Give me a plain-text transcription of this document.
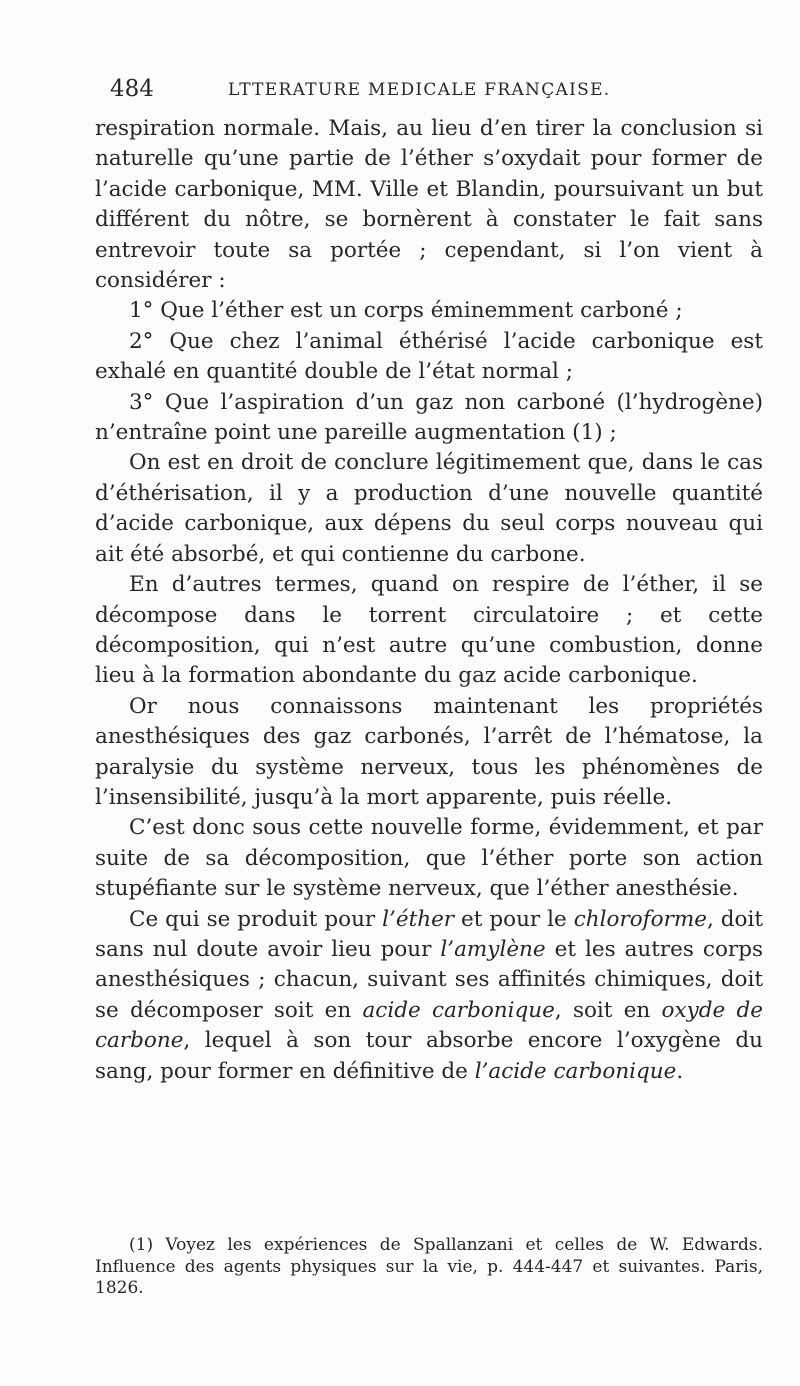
484	LTTERATURE MEDICALE FRANÇAISE.

respiration normale. Mais, au lieu d’en tirer la conclusion si naturelle qu’une partie de l’éther s’oxydait pour former de l’acide carbonique, MM. Ville et Blandin, poursuivant un but différent du nôtre, se bornèrent à constater le fait sans entrevoir toute sa portée ; cependant, si l’on vient à considérer :

1° Que l’éther est un corps éminemment carboné ;

2° Que chez l’animal éthérisé l’acide carbonique est exhalé en quantité double de l’état normal ;

3° Que l’aspiration d’un gaz non carboné (l’hydrogène) n’entraîne point une pareille augmentation (1) ;

On est en droit de conclure légitimement que, dans le cas d’éthérisation, il y a production d’une nouvelle quantité d’acide carbonique, aux dépens du seul corps nouveau qui ait été absorbé, et qui contienne du carbone.

En d’autres termes, quand on respire de l’éther, il se décompose dans le torrent circulatoire ; et cette décomposition, qui n’est autre qu’une combustion, donne lieu à la formation abondante du gaz acide carbonique.

Or nous connaissons maintenant les propriétés anesthésiques des gaz carbonés, l’arrêt de l’hématose, la paralysie du système nerveux, tous les phénomènes de l’insensibilité, jusqu’à la mort apparente, puis réelle.

C’est donc sous cette nouvelle forme, évidemment, et par suite de sa décomposition, que l’éther porte son action stupéfiante sur le système nerveux, que l’éther anesthésie.

Ce qui se produit pour l’éther et pour le chloroforme, doit sans nul doute avoir lieu pour l’amylène et les autres corps anesthésiques ; chacun, suivant ses affinités chimiques, doit se décomposer soit en acide carbonique, soit en oxyde de carbone, lequel à son tour absorbe encore l’oxygène du sang, pour former en définitive de l’acide carbonique.

(1) Voyez les expériences de Spallanzani et celles de W. Edwards. Influence des agents physiques sur la vie, p. 444-447 et suivantes. Paris, 1826.
